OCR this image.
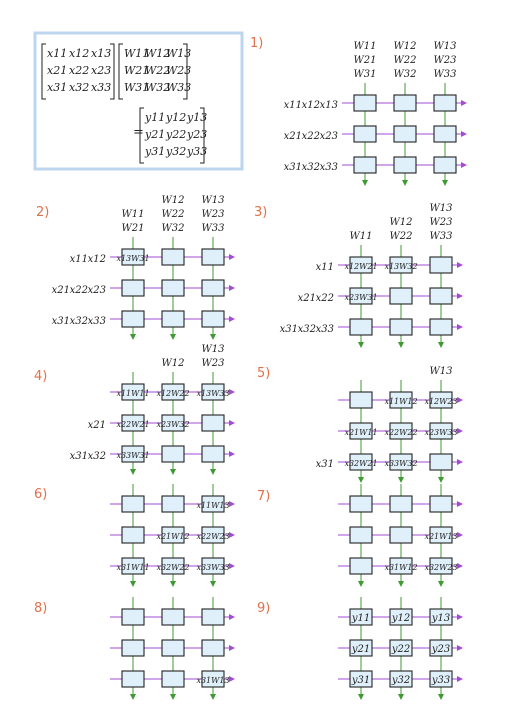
x11 x12 x13
x21 x22 x23
x31 x32 x33
W11
W12
W13
W21
W22
W23
W31
W32
W33
=
y11 y12 y13
y21 y22 y23
y31 y32 y33
1)	W11
W21
W31
W12
W22
W32
W13
W23
W33
x11 x12 x13
x21 x22 x23
x31 x32 x33
2)
x13W31
W11
W21
W12
W22
W32
W13
W23
W33
x11 x12
x21 x22 x23
x31 x32 x33
3)
x12W21 x13W32
x23W31
W11
W12
W22
W13
W23
W33
x11
x21 x22
x31 x32 x33
4)
x11W11 x12W22 x13W33
x22W21 x23W32
x33W31
W12
W13
W23
x21
x31 x32
5)
x11W12 x12W23
x21W11 x22W22 x23W33
x32W21 x33W32
W13
x31
6)
x11W13
x21W12 x22W23
x31W11 x32W22 x33W33
7)
x21W13
x31W12 x32W23
8)
x31W13
9)
y11 y12 y13
y21 y22 y23
y31 y32 y33
